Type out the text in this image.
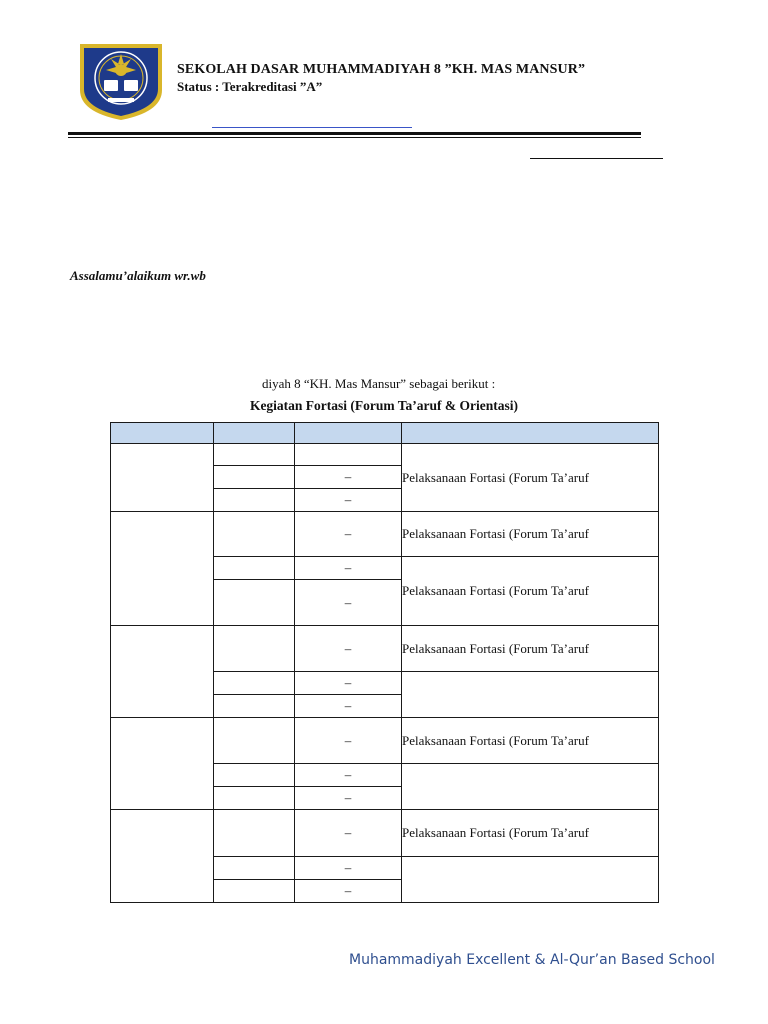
SEKOLAH DASAR MUHAMMADIYAH 8 ”KH. MAS MANSUR”
Status : Terakreditasi ”A”
Assalamu’alaikum wr.wb
diyah 8 “KH. Mas Mansur” sebagai berikut :
Kegiatan Fortasi (Forum Ta’aruf & Orientasi)

			Pelaksanaan Fortasi (Forum Ta’aruf
		–	
		–	
		–	Pelaksanaan Fortasi (Forum Ta’aruf
		–	Pelaksanaan Fortasi (Forum Ta’aruf
		–	
		–	Pelaksanaan Fortasi (Forum Ta’aruf
		–	
		–	
		–	Pelaksanaan Fortasi (Forum Ta’aruf
		–	
		–	
		–	Pelaksanaan Fortasi (Forum Ta’aruf
		–	
		–	
Muhammadiyah Excellent & Al-Qur’an Based School
